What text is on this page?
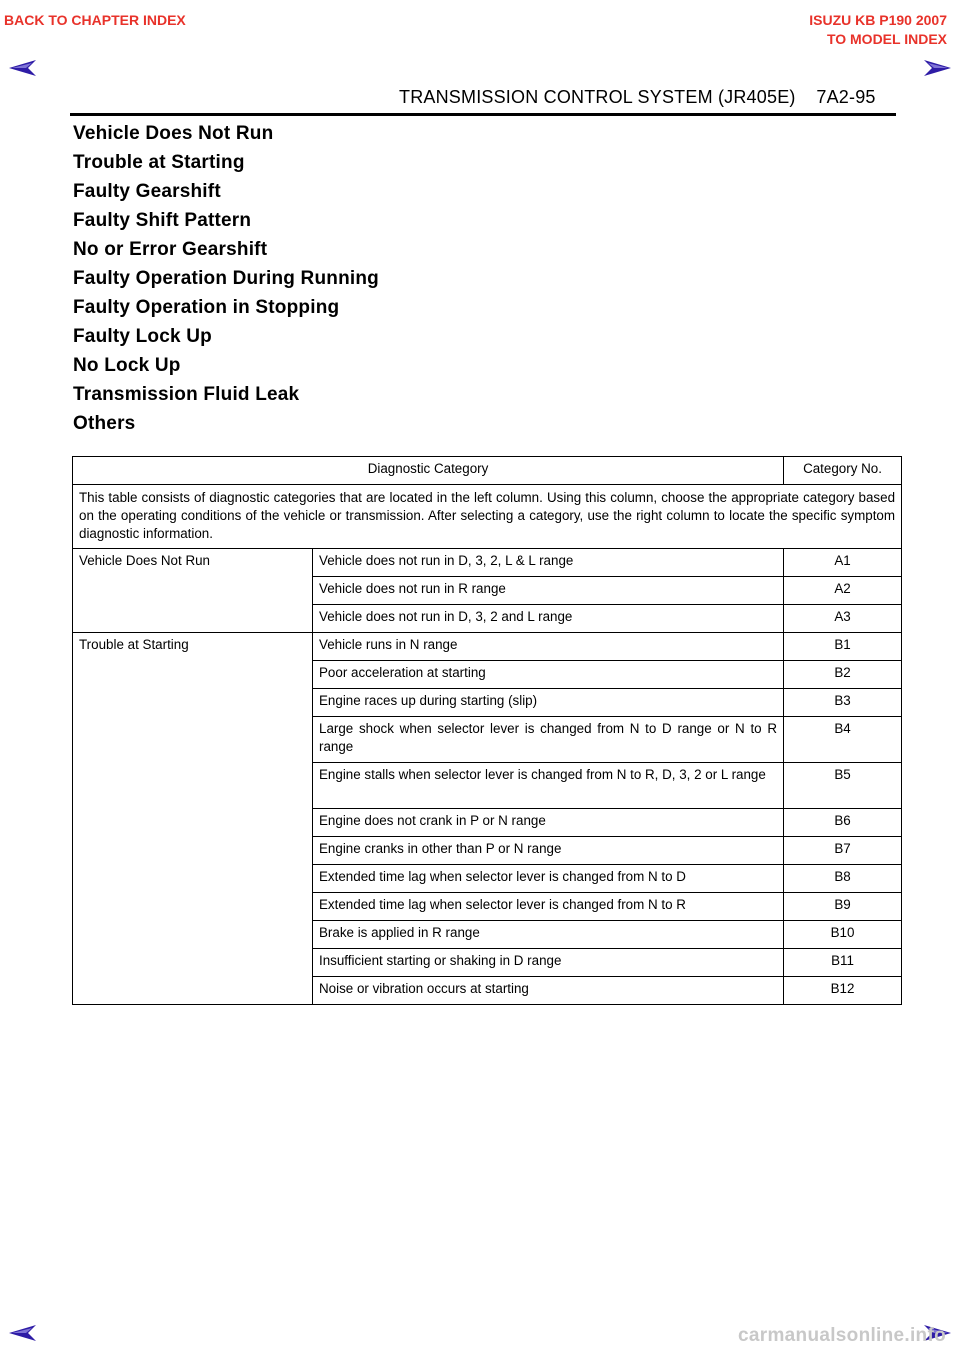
BACK TO CHAPTER INDEX	ISUZU KB P190 2007
TO MODEL INDEX
TRANSMISSION CONTROL SYSTEM (JR405E)    7A2-95
Vehicle Does Not Run
Trouble at Starting
Faulty Gearshift
Faulty Shift Pattern
No or Error Gearshift
Faulty Operation During Running
Faulty Operation in Stopping
Faulty Lock Up
No Lock Up
Transmission Fluid Leak
Others
Diagnostic Category		Category No.
This table consists of diagnostic categories that are located in the left column. Using this column, choose the appropriate category based on the operating conditions of the vehicle or transmission. After selecting a category, use the right column to locate the specific symptom diagnostic information.		
Vehicle Does Not Run	Vehicle does not run in D, 3, 2, L & L range	A1
	Vehicle does not run in R range	A2
	Vehicle does not run in D, 3, 2 and L range	A3
Trouble at Starting	Vehicle runs in N range	B1
	Poor acceleration at starting	B2
	Engine races up during starting (slip)	B3
	Large shock when selector lever is changed from N to D range or N to R range	B4
	Engine stalls when selector lever is changed from N to R, D, 3, 2 or L range	B5
	Engine does not crank in P or N range	B6
	Engine cranks in other than P or N range	B7
	Extended time lag when selector lever is changed from N to D	B8
	Extended time lag when selector lever is changed from N to R	B9
	Brake is applied in R range	B10
	Insufficient starting or shaking in D range	B11
	Noise or vibration occurs at starting	B12
carmanualsonline.info
